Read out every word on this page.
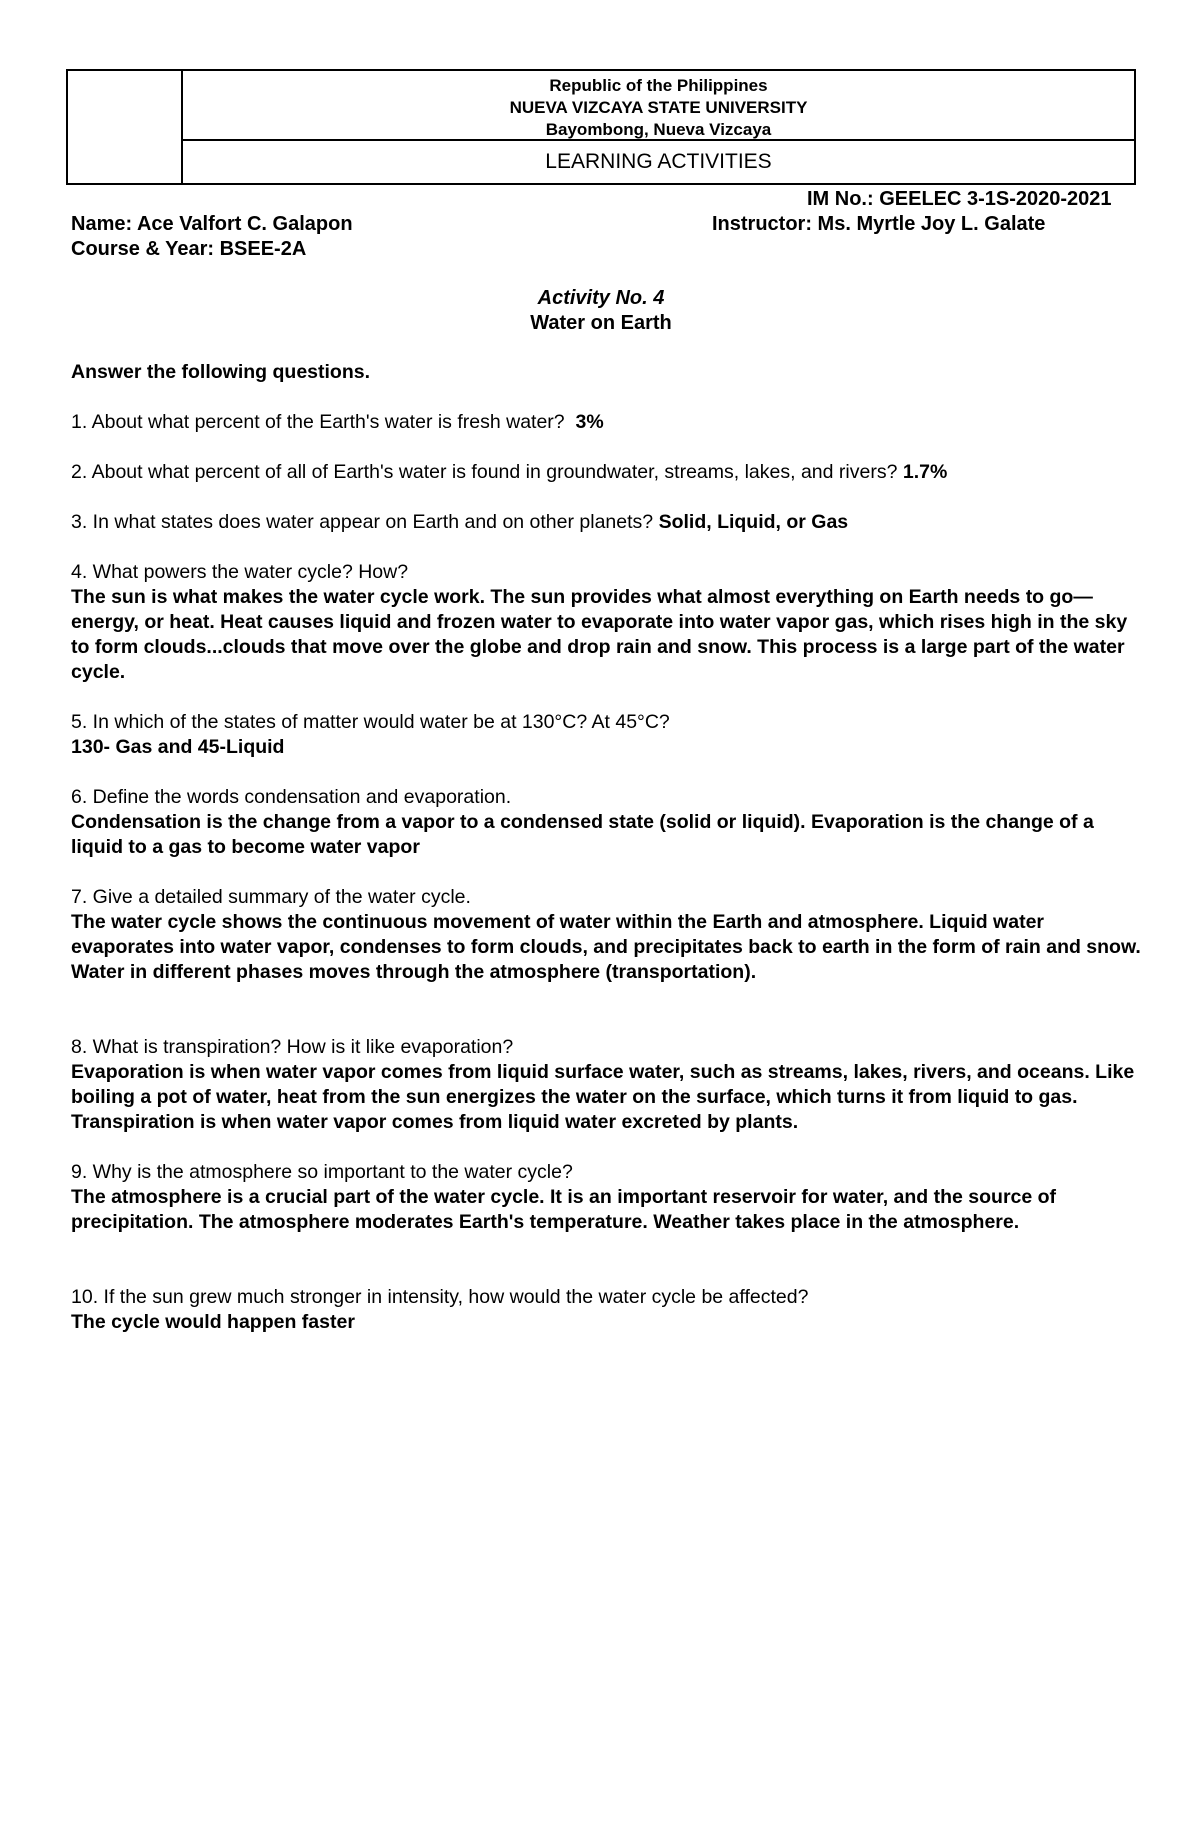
Republic of the Philippines
NUEVA VIZCAYA STATE UNIVERSITY
Bayombong, Nueva Vizcaya
LEARNING ACTIVITIES
IM No.: GEELEC 3-1S-2020-2021
Name: Ace Valfort C. Galapon	Instructor: Ms. Myrtle Joy L. Galate
Course & Year: BSEE-2A
Activity No. 4
Water on Earth

Answer the following questions.

1. About what percent of the Earth's water is fresh water? 3%

2. About what percent of all of Earth's water is found in groundwater, streams, lakes, and rivers? 1.7%

3. In what states does water appear on Earth and on other planets? Solid, Liquid, or Gas

4. What powers the water cycle? How?
The sun is what makes the water cycle work. The sun provides what almost everything on Earth needs to go—energy, or heat. Heat causes liquid and frozen water to evaporate into water vapor gas, which rises high in the sky to form clouds...clouds that move over the globe and drop rain and snow. This process is a large part of the water cycle.
5. In which of the states of matter would water be at 130°C? At 45°C?
130- Gas and 45-Liquid
6. Define the words condensation and evaporation.
Condensation is the change from a vapor to a condensed state (solid or liquid). Evaporation is the change of a liquid to a gas to become water vapor
7. Give a detailed summary of the water cycle.
The water cycle shows the continuous movement of water within the Earth and atmosphere. Liquid water evaporates into water vapor, condenses to form clouds, and precipitates back to earth in the form of rain and snow. Water in different phases moves through the atmosphere (transportation).
8. What is transpiration? How is it like evaporation?
Evaporation is when water vapor comes from liquid surface water, such as streams, lakes, rivers, and oceans. Like boiling a pot of water, heat from the sun energizes the water on the surface, which turns it from liquid to gas. Transpiration is when water vapor comes from liquid water excreted by plants.
9. Why is the atmosphere so important to the water cycle?
The atmosphere is a crucial part of the water cycle. It is an important reservoir for water, and the source of precipitation. The atmosphere moderates Earth's temperature. Weather takes place in the atmosphere.
10. If the sun grew much stronger in intensity, how would the water cycle be affected?
The cycle would happen faster
